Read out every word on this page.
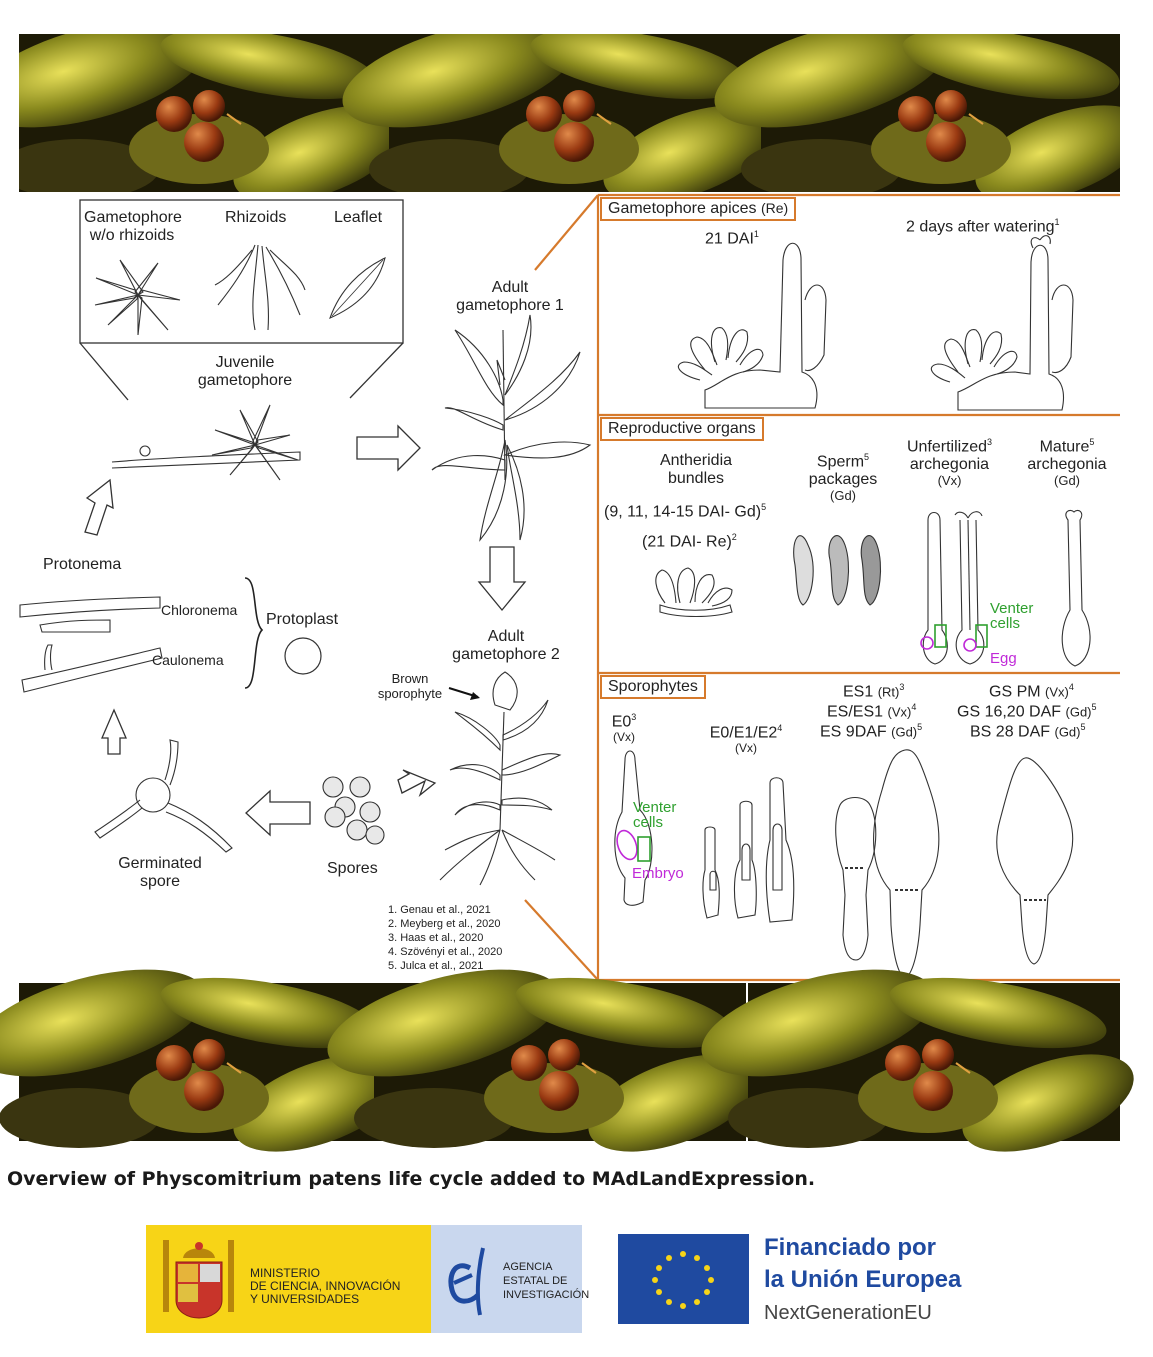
Gametophore
w/o rhizoids
Rhizoids	Leaflet
Juvenile
gametophore
Adult
gametophore 1
Adult
gametophore 2
Brown
sporophyte
Protonema
Chloronema
Caulonema
Protoplast
Germinated
spore
Spores
1. Genau et al., 2021
2. Meyberg et al., 2020
3. Haas et al., 2020
4. Szövényi et al., 2020
5. Julca et al., 2021
Gametophore apices (Re)
21 DAI$^1$	2 days after watering$^1$
Reproductive organs
Antheridia
bundles
(9, 11, 14-15 DAI- Gd)$^5$
(21 DAI- Re)$^2$
Sperm$^5$
packages
(Gd)
Unfertilized$^3$
archegonia
(Vx)
Mature$^5$
archegonia
(Gd)
Venter
cells
Egg
Sporophytes
$E0^3$
(Vx)	$E0/E1/E2^4$
(Vx)
ES1 $(Rt)^3$
ES/ES1 $(Vx)^4$
ES 9DAF $(Gd)^5$
GS PM $(Vx)^4$
GS 16,20 DAF $(Gd)^5$
BS 28 DAF $(Gd)^5$
Venter
cells
Embryo
Overview of Physcomitrium patens life cycle added to MAdLandExpression.
MINISTERIO
DE CIENCIA, INNOVACIÓN
Y UNIVERSIDADES
AGENCIA
ESTATAL DE
INVESTIGACIÓN
Financiado por
la Unión Europea
NextGenerationEU
